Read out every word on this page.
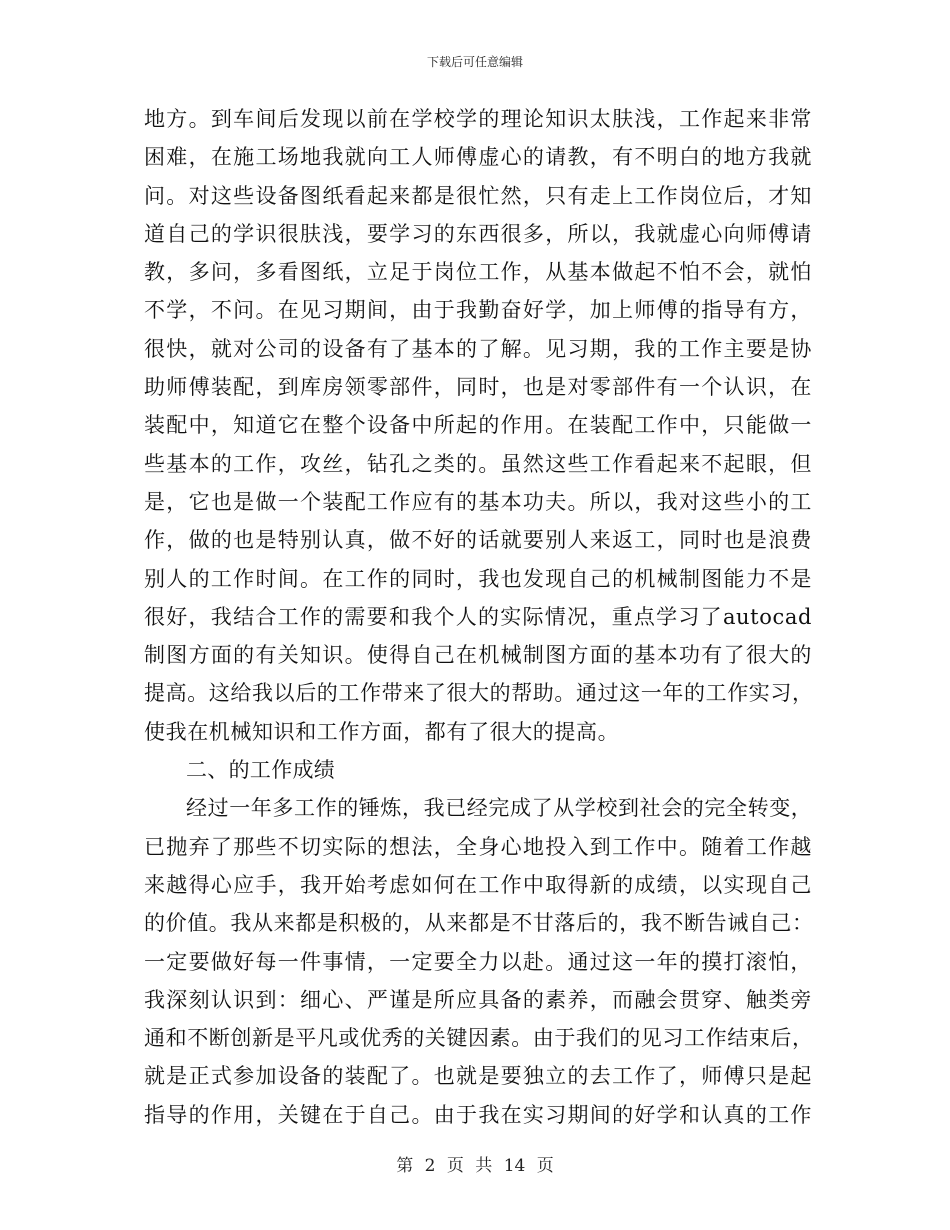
下载后可任意编辑
地方。到车间后发现以前在学校学的理论知识太肤浅，工作起来非常
困难，在施工场地我就向工人师傅虚心的请教，有不明白的地方我就
问。对这些设备图纸看起来都是很忙然，只有走上工作岗位后，才知
道自己的学识很肤浅，要学习的东西很多，所以，我就虚心向师傅请
教，多问，多看图纸，立足于岗位工作，从基本做起不怕不会，就怕
不学，不问。在见习期间，由于我勤奋好学，加上师傅的指导有方，
很快，就对公司的设备有了基本的了解。见习期，我的工作主要是协
助师傅装配，到库房领零部件，同时，也是对零部件有一个认识，在
装配中，知道它在整个设备中所起的作用。在装配工作中，只能做一
些基本的工作，攻丝，钻孔之类的。虽然这些工作看起来不起眼，但
是，它也是做一个装配工作应有的基本功夫。所以，我对这些小的工
作，做的也是特别认真，做不好的话就要别人来返工，同时也是浪费
别人的工作时间。在工作的同时，我也发现自己的机械制图能力不是
很好，我结合工作的需要和我个人的实际情况，重点学习了autocad
制图方面的有关知识。使得自己在机械制图方面的基本功有了很大的
提高。这给我以后的工作带来了很大的帮助。通过这一年的工作实习，
使我在机械知识和工作方面，都有了很大的提高。
二、的工作成绩
经过一年多工作的锤炼，我已经完成了从学校到社会的完全转变，
已抛弃了那些不切实际的想法，全身心地投入到工作中。随着工作越
来越得心应手，我开始考虑如何在工作中取得新的成绩，以实现自己
的价值。我从来都是积极的，从来都是不甘落后的，我不断告诫自己：
一定要做好每一件事情，一定要全力以赴。通过这一年的摸打滚怕，
我深刻认识到：细心、严谨是所应具备的素养，而融会贯穿、触类旁
通和不断创新是平凡或优秀的关键因素。由于我们的见习工作结束后，
就是正式参加设备的装配了。也就是要独立的去工作了，师傅只是起
指导的作用，关键在于自己。由于我在实习期间的好学和认真的工作
第 2 页 共 14 页
